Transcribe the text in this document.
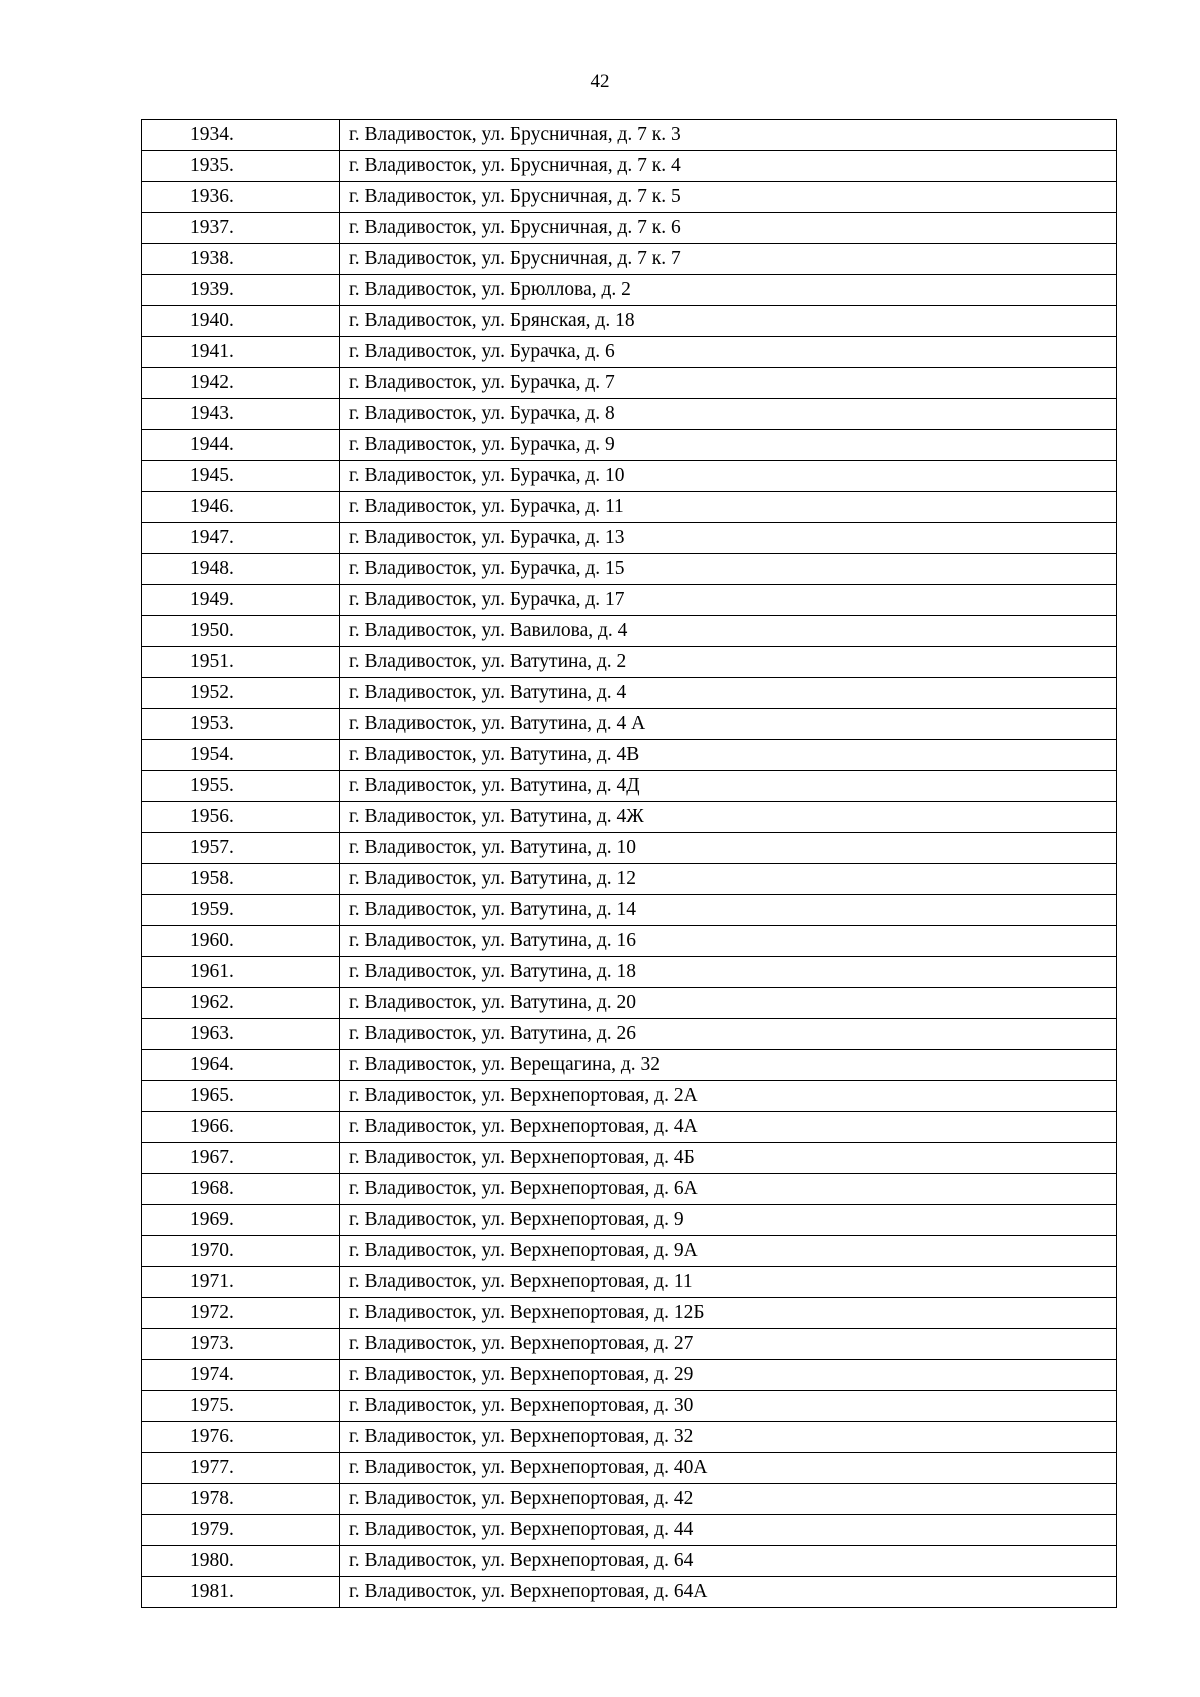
42
1934.	г. Владивосток, ул. Брусничная, д. 7 к. 3
1935.	г. Владивосток, ул. Брусничная, д. 7 к. 4
1936.	г. Владивосток, ул. Брусничная, д. 7 к. 5
1937.	г. Владивосток, ул. Брусничная, д. 7 к. 6
1938.	г. Владивосток, ул. Брусничная, д. 7 к. 7
1939.	г. Владивосток, ул. Брюллова, д. 2
1940.	г. Владивосток, ул. Брянская, д. 18
1941.	г. Владивосток, ул. Бурачка, д. 6
1942.	г. Владивосток, ул. Бурачка, д. 7
1943.	г. Владивосток, ул. Бурачка, д. 8
1944.	г. Владивосток, ул. Бурачка, д. 9
1945.	г. Владивосток, ул. Бурачка, д. 10
1946.	г. Владивосток, ул. Бурачка, д. 11
1947.	г. Владивосток, ул. Бурачка, д. 13
1948.	г. Владивосток, ул. Бурачка, д. 15
1949.	г. Владивосток, ул. Бурачка, д. 17
1950.	г. Владивосток, ул. Вавилова, д. 4
1951.	г. Владивосток, ул. Ватутина, д. 2
1952.	г. Владивосток, ул. Ватутина, д. 4
1953.	г. Владивосток, ул. Ватутина, д. 4 А
1954.	г. Владивосток, ул. Ватутина, д. 4В
1955.	г. Владивосток, ул. Ватутина, д. 4Д
1956.	г. Владивосток, ул. Ватутина, д. 4Ж
1957.	г. Владивосток, ул. Ватутина, д. 10
1958.	г. Владивосток, ул. Ватутина, д. 12
1959.	г. Владивосток, ул. Ватутина, д. 14
1960.	г. Владивосток, ул. Ватутина, д. 16
1961.	г. Владивосток, ул. Ватутина, д. 18
1962.	г. Владивосток, ул. Ватутина, д. 20
1963.	г. Владивосток, ул. Ватутина, д. 26
1964.	г. Владивосток, ул. Верещагина, д. 32
1965.	г. Владивосток, ул. Верхнепортовая, д. 2А
1966.	г. Владивосток, ул. Верхнепортовая, д. 4А
1967.	г. Владивосток, ул. Верхнепортовая, д. 4Б
1968.	г. Владивосток, ул. Верхнепортовая, д. 6А
1969.	г. Владивосток, ул. Верхнепортовая, д. 9
1970.	г. Владивосток, ул. Верхнепортовая, д. 9А
1971.	г. Владивосток, ул. Верхнепортовая, д. 11
1972.	г. Владивосток, ул. Верхнепортовая, д. 12Б
1973.	г. Владивосток, ул. Верхнепортовая, д. 27
1974.	г. Владивосток, ул. Верхнепортовая, д. 29
1975.	г. Владивосток, ул. Верхнепортовая, д. 30
1976.	г. Владивосток, ул. Верхнепортовая, д. 32
1977.	г. Владивосток, ул. Верхнепортовая, д. 40А
1978.	г. Владивосток, ул. Верхнепортовая, д. 42
1979.	г. Владивосток, ул. Верхнепортовая, д. 44
1980.	г. Владивосток, ул. Верхнепортовая, д. 64
1981.	г. Владивосток, ул. Верхнепортовая, д. 64А
